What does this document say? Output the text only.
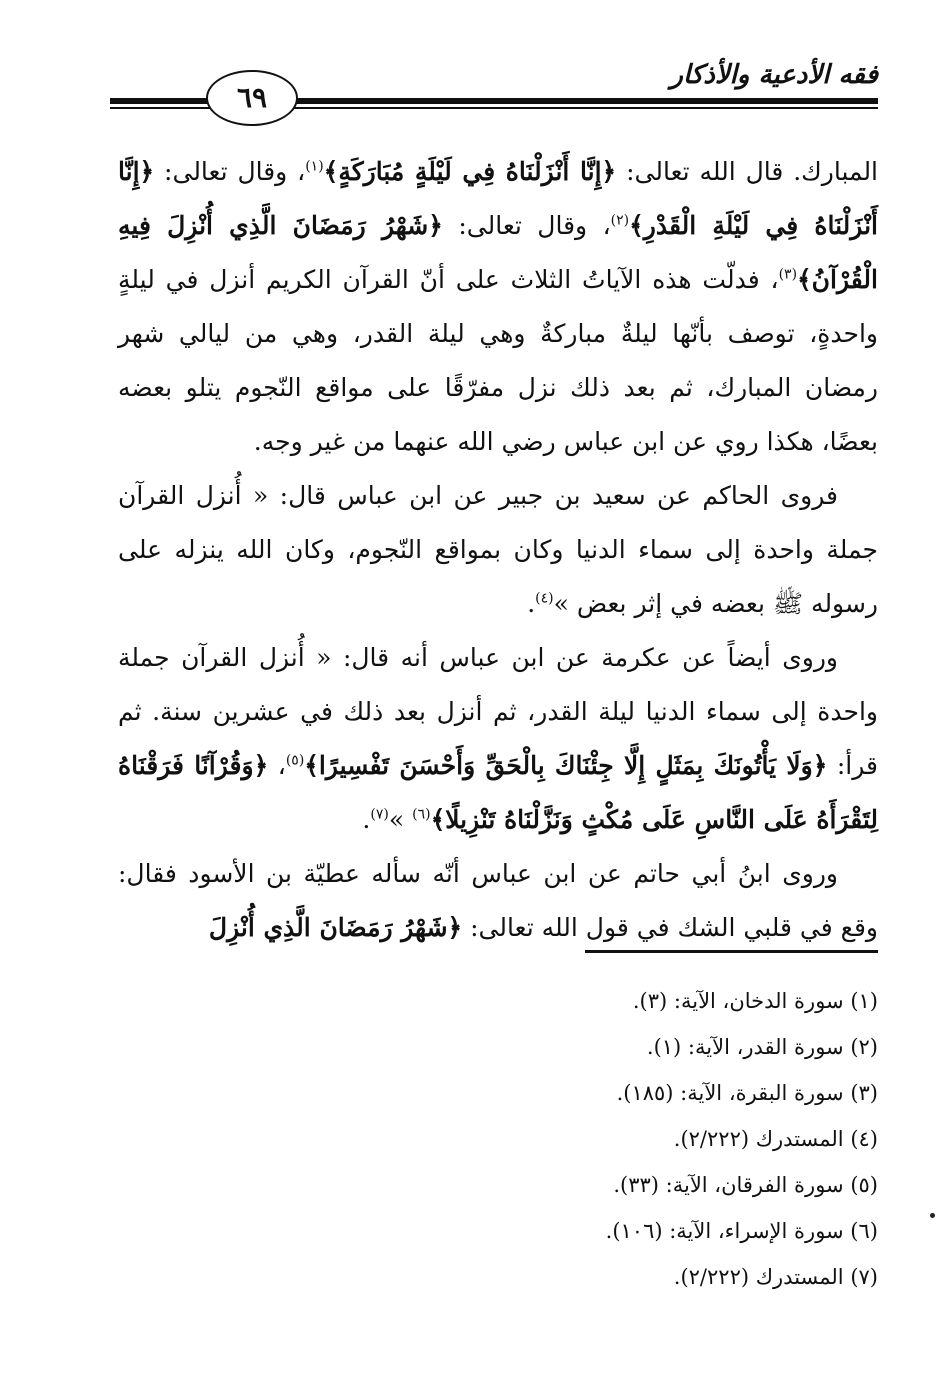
فقه الأدعية والأذكار
٦٩

المبارك. قال الله تعالى: ﴿إِنَّا أَنْزَلْنَاهُ فِي لَيْلَةٍ مُبَارَكَةٍ﴾$^{(١)}$، وقال تعالى: ﴿إِنَّا أَنْزَلْنَاهُ فِي لَيْلَةِ الْقَدْرِ﴾$^{(٢)}$، وقال تعالى: ﴿شَهْرُ رَمَضَانَ الَّذِي أُنْزِلَ فِيهِ الْقُرْآنُ﴾$^{(٣)}$، فدلّت هذه الآياتُ الثلاث على أنّ القرآن الكريم أنزل في ليلةٍ واحدةٍ، توصف بأنّها ليلةٌ مباركةٌ وهي ليلة القدر، وهي من ليالي شهر رمضان المبارك، ثم بعد ذلك نزل مفرّقًا على مواقع النّجوم يتلو بعضه بعضًا، هكذا روي عن ابن عباس رضي الله عنهما من غير وجه.

فروى الحاكم عن سعيد بن جبير عن ابن عباس قال: « أُنزل القرآن جملة واحدة إلى سماء الدنيا وكان بمواقع النّجوم، وكان الله ينزله على رسوله ﷺ بعضه في إثر بعض »$^{(٤)}$.

وروى أيضاً عن عكرمة عن ابن عباس أنه قال: « أُنزل القرآن جملة واحدة إلى سماء الدنيا ليلة القدر، ثم أنزل بعد ذلك في عشرين سنة. ثم قرأ: ﴿وَلَا يَأْتُونَكَ بِمَثَلٍ إِلَّا جِئْنَاكَ بِالْحَقِّ وَأَحْسَنَ تَفْسِيرًا﴾$^{(٥)}$، ﴿وَقُرْآنًا فَرَقْنَاهُ لِتَقْرَأَهُ عَلَى النَّاسِ عَلَى مُكْثٍ وَنَزَّلْنَاهُ تَنْزِيلًا﴾$^{(٦)}$ »$^{(٧)}$.

وروى ابنُ أبي حاتم عن ابن عباس أنّه سأله عطيّة بن الأسود فقال: وقع في قلبي الشك في قول الله تعالى: ﴿شَهْرُ رَمَضَانَ الَّذِي أُنْزِلَ

(١) سورة الدخان، الآية: (٣).
(٢) سورة القدر، الآية: (١).
(٣) سورة البقرة، الآية: (١٨٥).
(٤) المستدرك (٢/٢٢٢).
(٥) سورة الفرقان، الآية: (٣٣).
(٦) سورة الإسراء، الآية: (١٠٦).
(٧) المستدرك (٢/٢٢٢).
